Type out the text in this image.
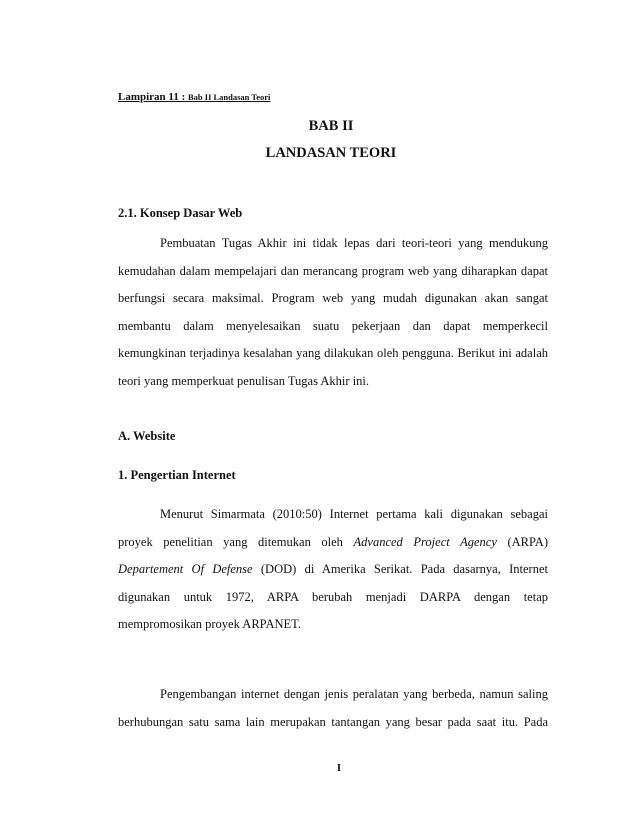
Lampiran 11 : Bab II Landasan Teori
BAB II
LANDASAN TEORI
2.1. Konsep Dasar Web
Pembuatan Tugas Akhir ini tidak lepas dari teori-teori yang mendukung
kemudahan dalam mempelajari dan merancang program web yang diharapkan dapat
berfungsi secara maksimal. Program web yang mudah digunakan akan sangat
membantu dalam menyelesaikan suatu pekerjaan dan dapat memperkecil
kemungkinan terjadinya kesalahan yang dilakukan oleh pengguna. Berikut ini adalah
teori yang memperkuat penulisan Tugas Akhir ini.
A. Website
1. Pengertian Internet
Menurut Simarmata (2010:50) Internet pertama kali digunakan sebagai
proyek penelitian yang ditemukan oleh Advanced Project Agency (ARPA)
Departement Of Defense (DOD) di Amerika Serikat. Pada dasarnya, Internet
digunakan untuk 1972, ARPA berubah menjadi DARPA dengan tetap
mempromosikan proyek ARPANET.
Pengembangan internet dengan jenis peralatan yang berbeda, namun saling
berhubungan satu sama lain merupakan tantangan yang besar pada saat itu. Pada
I
